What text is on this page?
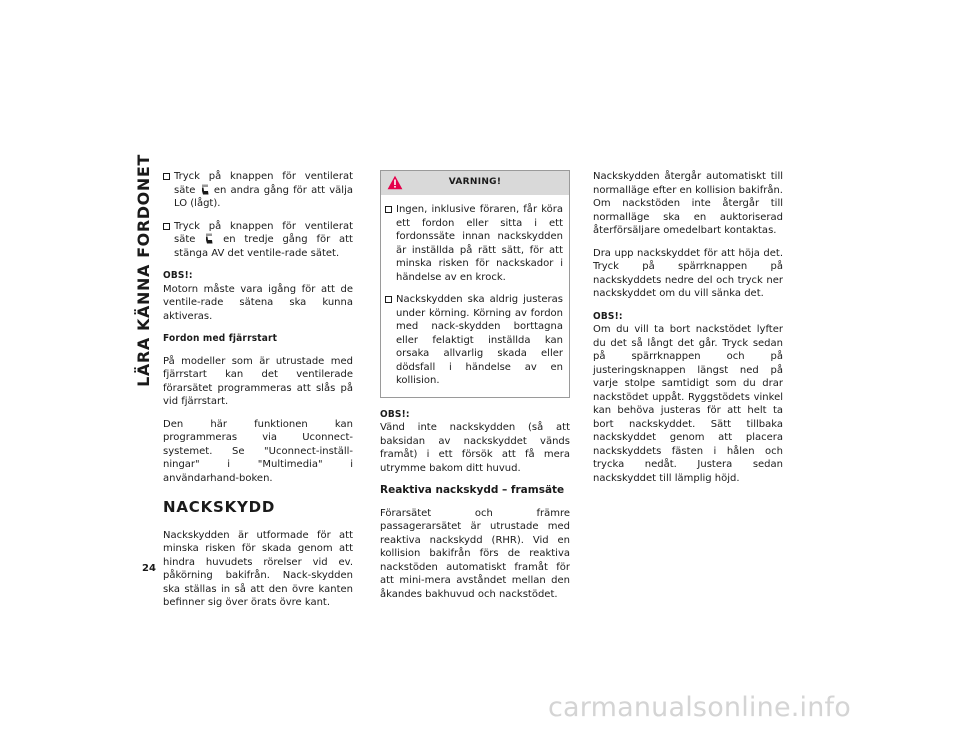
LÄRA KÄNNA FORDONET	Tryck på knappen för ventilerat säte en andra gång för att välja LO (lågt).
Tryck på knappen för ventilerat säte	en tredje gång för att stänga AV det ventile-rade sätet.

OBS!:
Motorn måste vara igång för att de ventile-rade sätena ska kunna aktiveras.

Fordon med fjärrstart

På modeller som är utrustade med fjärrstart kan det ventilerade förarsätet programmeras att slås på vid fjärrstart.

Den här funktionen kan programmeras via Uconnect-systemet. Se "Uconnect-inställ-ningar" i "Multimedia" i användarhand-boken.

NACKSKYDD

Nackskydden är utformade för att minska risken för skada genom att hindra huvudets rörelser vid ev. påkörning bakifrån. Nack-skydden ska ställas in så att den övre kanten befinner sig över örats övre kant.

VARNING!
Ingen, inklusive föraren, får köra ett fordon eller sitta i ett fordonssäte innan nackskydden är inställda på rätt sätt, för att minska risken för nackskador i händelse av en krock.
Nackskydden ska aldrig justeras under körning. Körning av fordon med nack-skydden borttagna eller felaktigt inställda kan orsaka allvarlig skada eller dödsfall i händelse av en kollision.

OBS!:
Vänd inte nackskydden (så att baksidan av nackskyddet vänds framåt) i ett försök att få mera utrymme bakom ditt huvud.

Reaktiva nackskydd – framsäte

Förarsätet och främre passagerarsätet är utrustade med reaktiva nackskydd (RHR). Vid en kollision bakifrån förs de reaktiva nackstöden automatiskt framåt för att mini-mera avståndet mellan den åkandes bakhuvud och nackstödet.

Nackskydden återgår automatiskt till normalläge efter en kollision bakifrån. Om nackstöden inte återgår till normalläge ska en auktoriserad återförsäljare omedelbart kontaktas.

Dra upp nackskyddet för att höja det. Tryck på spärrknappen på nackskyddets nedre del och tryck ner nackskyddet om du vill sänka det.

OBS!:
Om du vill ta bort nackstödet lyfter du det så långt det går. Tryck sedan på spärrknappen och på justeringsknappen längst ned på varje stolpe samtidigt som du drar nackstödet uppåt. Ryggstödets vinkel kan behöva justeras för att helt ta bort nackskyddet. Sätt tillbaka nackskyddet genom att placera nackskyddets fästen i hålen och trycka nedåt. Justera sedan nackskyddet till lämplig höjd.

24
carmanualsonline.info
